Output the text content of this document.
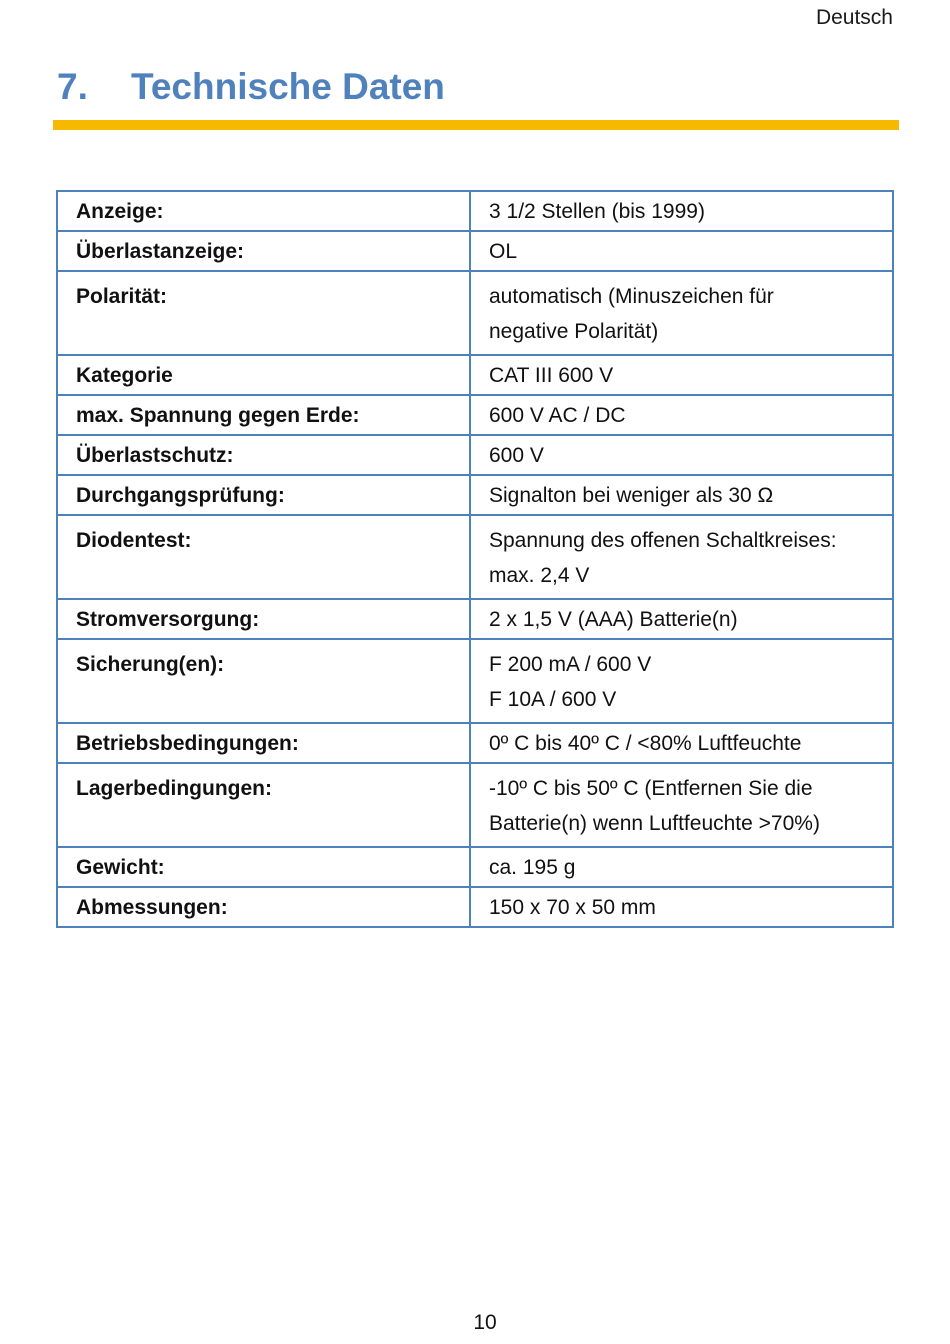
Deutsch
7. Technische Daten
Anzeige:	3 1/2 Stellen (bis 1999)
Überlastanzeige:	OL
Polarität:	automatisch (Minuszeichen für
negative Polarität)
Kategorie	CAT III 600 V
max. Spannung gegen Erde:	600 V AC / DC
Überlastschutz:	600 V
Durchgangsprüfung:	Signalton bei weniger als 30 Ω
Diodentest:	Spannung des offenen Schaltkreises:
max. 2,4 V
Stromversorgung:	2 x 1,5 V (AAA) Batterie(n)
Sicherung(en):	F 200 mA / 600 V
F 10A / 600 V
Betriebsbedingungen:	0º C bis 40º C / <80% Luftfeuchte
Lagerbedingungen:	-10º C bis 50º C (Entfernen Sie die
Batterie(n) wenn Luftfeuchte >70%)
Gewicht:	ca. 195 g
Abmessungen:	150 x 70 x 50 mm
10
